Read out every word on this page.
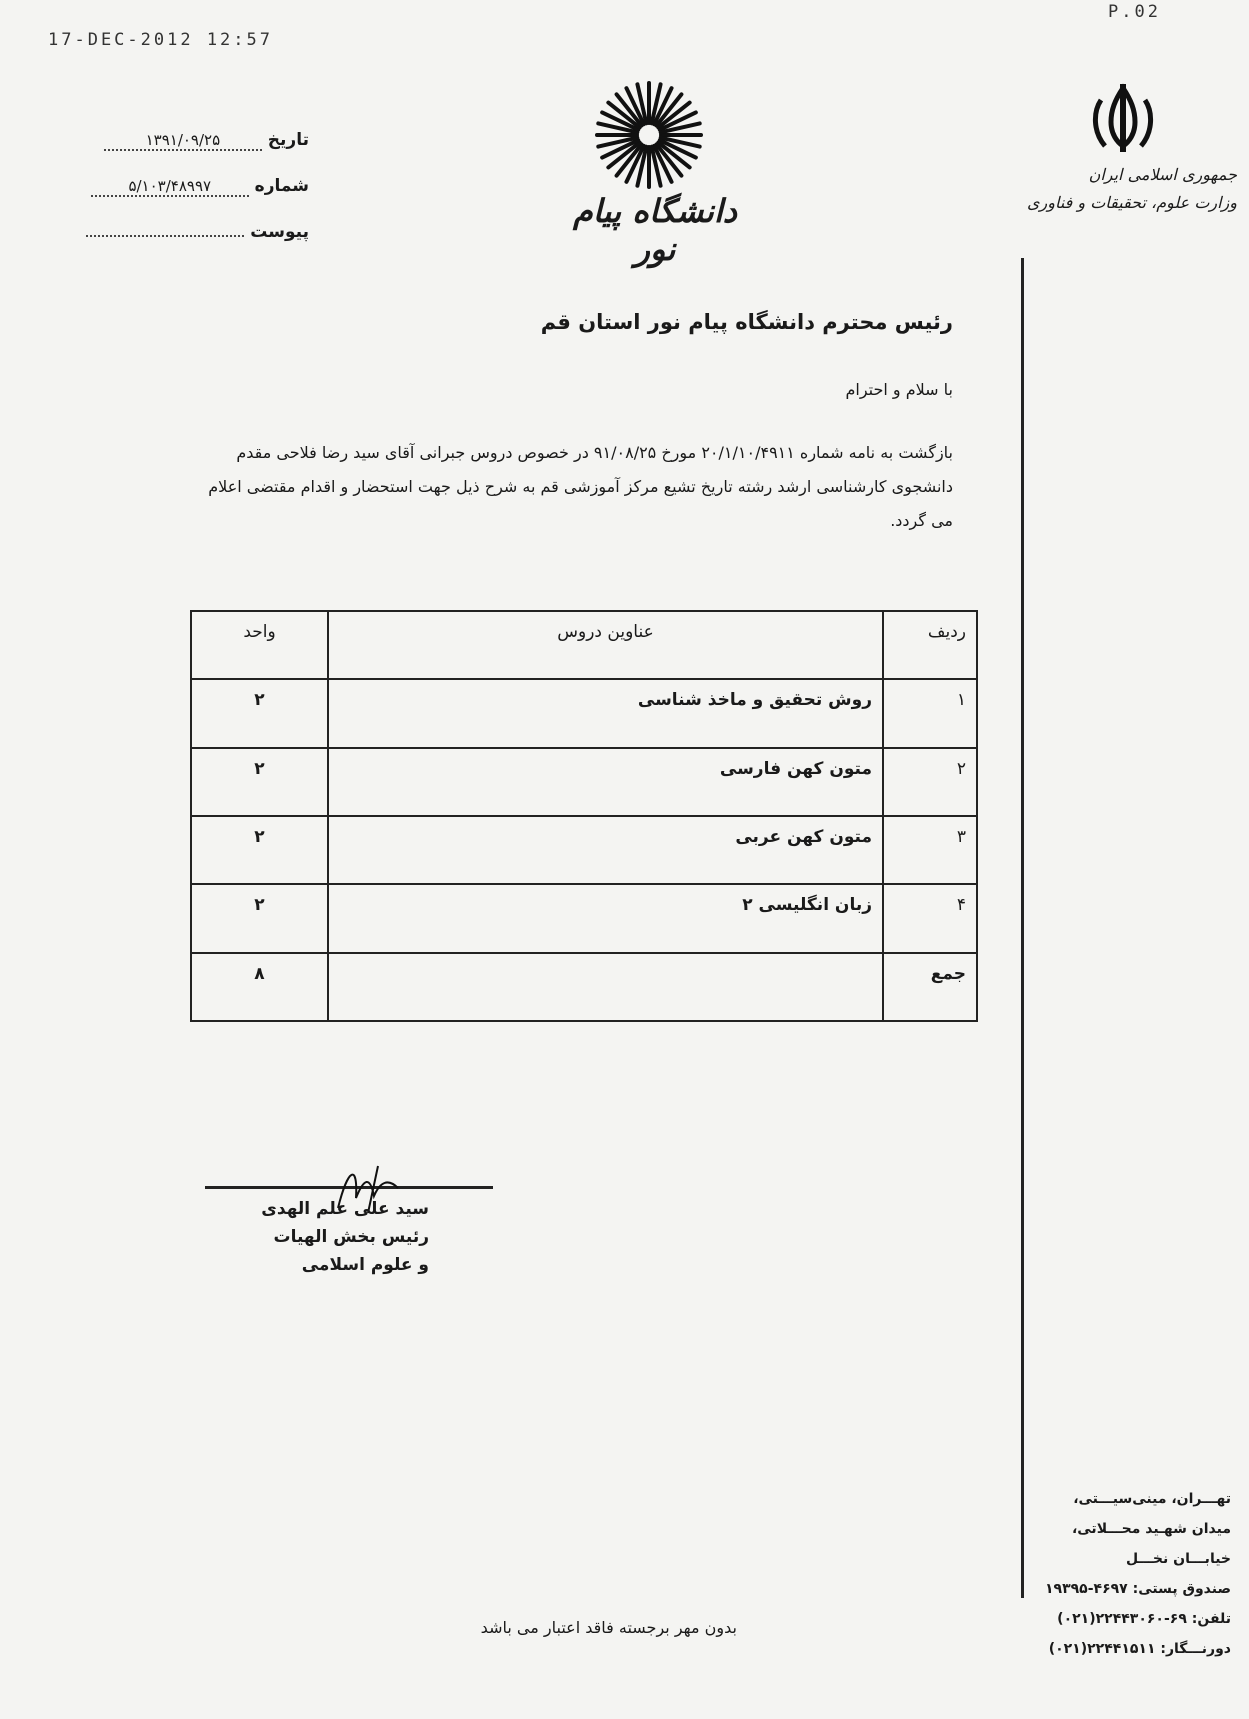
17-DEC-2012 12:57
P.02
جمهوری اسلامی ایران
وزارت علوم، تحقیقات و فناوری
دانشگاه پیام نور
تاریخ ۱۳۹۱/۰۹/۲۵
شماره ۵/۱۰۳/۴۸۹۹۷
پیوست
رئیس محترم دانشگاه پیام نور استان قم
با سلام و احترام
بازگشت به نامه شماره ۲۰/۱/۱۰/۴۹۱۱ مورخ ۹۱/۰۸/۲۵ در خصوص دروس جبرانی آقای سید رضا فلاحی مقدم دانشجوی کارشناسی ارشد رشته تاریخ تشیع مرکز آموزشی قم به شرح ذیل جهت استحضار و اقدام مقتضی اعلام می گردد.
ردیف	عناوین دروس	واحد
۱	روش تحقیق و ماخذ شناسی	۲
۲	متون کهن فارسی	۲
۳	متون کهن عربی	۲
۴	زبان انگلیسی ۲	۲
جمع		۸
سید علی علم الهدی
رئیس بخش الهیات
و علوم اسلامی
بدون مهر برجسته فاقد اعتبار می باشد
تهـــران، مینی‌سیـــتی،
میدان شهـید محـــلاتی،
خیابـــان نخـــل
صندوق پستی: ۴۶۹۷-۱۹۳۹۵
تلفن: ۶۹-۲۲۴۴۳۰۶۰(۰۲۱)
دورنـــگار: ۲۲۴۴۱۵۱۱(۰۲۱)
